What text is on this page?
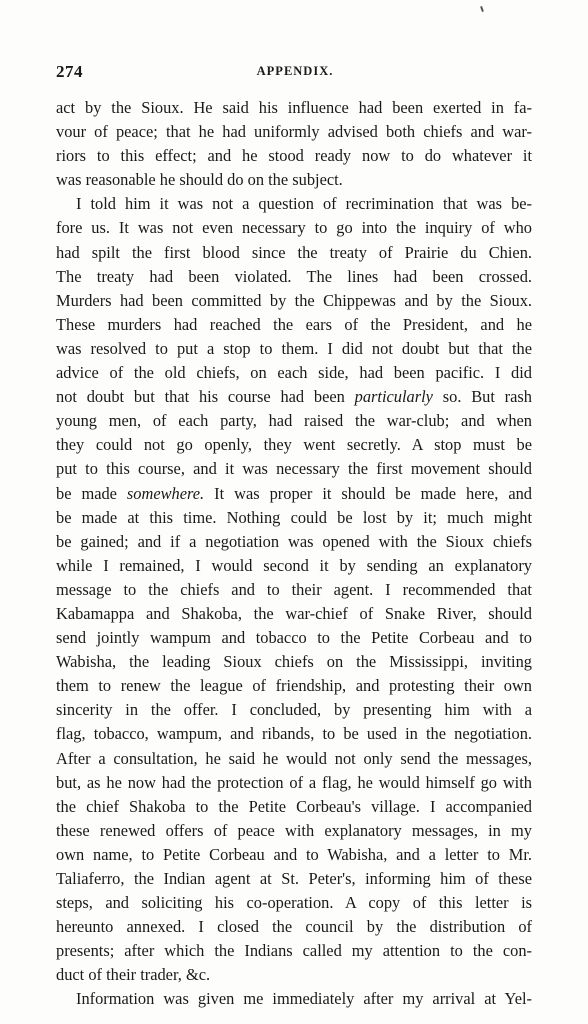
274	APPENDIX.
act by the Sioux. He said his influence had been exerted in fa-
vour of peace; that he had uniformly advised both chiefs and war-
riors to this effect; and he stood ready now to do whatever it
was reasonable he should do on the subject.
I told him it was not a question of recrimination that was be-
fore us. It was not even necessary to go into the inquiry of who
had spilt the first blood since the treaty of Prairie du Chien.
The treaty had been violated. The lines had been crossed.
Murders had been committed by the Chippewas and by the Sioux.
These murders had reached the ears of the President, and he
was resolved to put a stop to them. I did not doubt but that the
advice of the old chiefs, on each side, had been pacific. I did
not doubt but that his course had been particularly so. But rash
young men, of each party, had raised the war-club; and when
they could not go openly, they went secretly. A stop must be
put to this course, and it was necessary the first movement should
be made somewhere. It was proper it should be made here, and
be made at this time. Nothing could be lost by it; much might
be gained; and if a negotiation was opened with the Sioux chiefs
while I remained, I would second it by sending an explanatory
message to the chiefs and to their agent. I recommended that
Kabamappa and Shakoba, the war-chief of Snake River, should
send jointly wampum and tobacco to the Petite Corbeau and to
Wabisha, the leading Sioux chiefs on the Mississippi, inviting
them to renew the league of friendship, and protesting their own
sincerity in the offer. I concluded, by presenting him with a
flag, tobacco, wampum, and ribands, to be used in the negotiation.
After a consultation, he said he would not only send the messages,
but, as he now had the protection of a flag, he would himself go with
the chief Shakoba to the Petite Corbeau's village. I accompanied
these renewed offers of peace with explanatory messages, in my
own name, to Petite Corbeau and to Wabisha, and a letter to Mr.
Taliaferro, the Indian agent at St. Peter's, informing him of these
steps, and soliciting his co-operation. A copy of this letter is
hereunto annexed. I closed the council by the distribution of
presents; after which the Indians called my attention to the con-
duct of their trader, &c.
Information was given me immediately after my arrival at Yel-
